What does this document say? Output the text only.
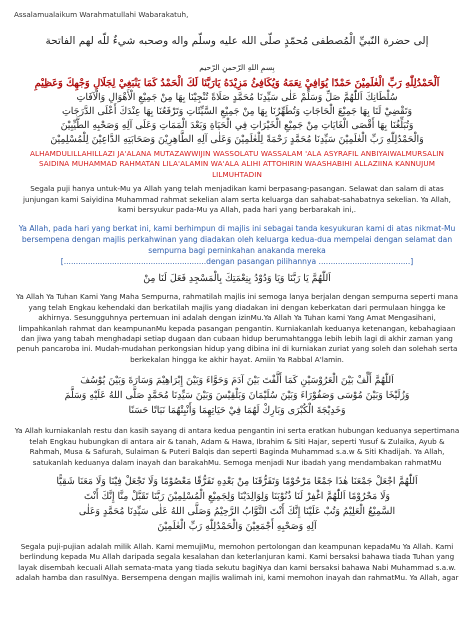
Assalamualaikum Warahmatullahi Wabarakatuh,
إلى حضرة النّبيِّ الْمُصطفى مُحمّدٍ صلّى الله عليه وسلّم واله وصحبه شيءٌ للّه لهم الفاتحة
بِسمِ اللهِ الرّحمنِ الرّحيم
اَلْحَمْدُلِلّٰهِ رَبِّ الْعٰلَمِيْنَ حَمْدًا يُوَافِيْ نِعَمَهُ وَيُكَافِئُ مَزِيْدَهُ يَارَبَّنَا لَكَ الْحَمْدُ كَمَا يَنْبَغِيْ لِجَلَالِ وَجْهِكَ وَعَظِيْمِ
سُلْطَانِكَ اَللّٰهُمَّ صَلِّ وَسَلِّمْ عَلٰى سَيِّدِنَا مُحَمَّدٍ صَلَاةً تُنْجِيْنَا بِهَا مِنْ جَمِيْعِ الْأَهْوَالِ وَالْآفَاتِ
وَتَقْضِيْ لَنَا بِهَا جَمِيْعَ الْحَاجَاتِ وَتُطَهِّرُنَا بِهَا مِنْ جَمِيْعِ السَّيِّئَاتِ وَتَرْفَعُنَا بِهَا عِنْدَكَ أَعْلَى الدَّرَجَاتِ
وَتُبَلِّغُنَا بِهَا أَقْصَى الْغَايَاتِ مِنْ جَمِيْعِ الْخَيْرَاتِ فِي الْحَيَاةِ وَبَعْدَ الْمَمَاتِ وَعَلَى آلِهِ وَصَحْبِهِ الطَّيِّبِيْنَ
وَالْحَمْدُلِلّٰهِ رَبِّ الْعٰلَمِيْنَ سَيِّدِنَا مُحَمَّدٍ رَحْمَةً لِلْعٰلَمِيْنَ وَعَلٰى آلِهِ الطَّاهِرِيْنَ وَصَحَابَتِهِ الدَّاعِيْنَ لِلْمُسْلِمِيْنَ
ALHAMDULILLAHILLAZI JA'ALANA MUTAZAWWIJIN WASSOLATU WASSALAM 'ALA ASYRAFIL ANBIYAIWALMURSALIN SAIDINA MUHAMMAD RAHMATAN LILA'ALAMIN WA'ALA ALIHI ATTOHIRIN WAASHABIHI ALLAZIINA KANNUJUM LILMUHTADIN
Segala puji hanya untuk-Mu ya Allah yang telah menjadikan kami berpasang-pasangan. Selawat dan salam di atas junjungan kami Saiyidina Muhammad rahmat sekelian alam serta keluarga dan sahabat-sahabatnya sekelian. Ya Allah, kami bersyukur pada-Mu ya Allah, pada hari yang berbarakah ini,.
Ya Allah, pada hari yang berkat ini, kami berhimpun di majlis ini sebagai tanda kesyukuran kami di atas nikmat-Mu bersempena dengan majlis perkahwinan yang diadakan oleh keluarga kedua-dua mempelai dengan selamat dan sempurna bagi perninkahan anakanda mereka
[...........................................................dengan pasangan pilihannya ......................................]
اَللّٰهُمَّ يَا رَبَّنَا وَيَا وَدُوْدُ بِنِعْمَتِكَ بِالْمَسْجِدِ فَعَلَ لَنَا مِنْ
Ya Allah Ya Tuhan Kami Yang Maha Sempurna, rahmatilah majlis ini semoga lanya berjalan dengan sempurna seperti mana yang telah Engkau kehendaki dan berkatilah majlis yang diadakan ini dengan keberkatan dari permulaan hingga ke akhirnya. Sesungguhnya pertemuan ini adalah dengan izinMu.Ya Allah Ya Tuhan kami Yang Amat Mengasihani, limpahkanlah rahmat dan keampunanMu kepada pasangan pengantin. Kurniakanlah keduanya ketenangan, kebahagiaan dan jiwa yang tabah menghadapi setiap dugaan dan cubaan hidup berumahtangga lebih lebih lagi di akhir zaman yang penuh pancaroba ini. Mudah-mudahan perkongsian hidup yang dibina ini di kurniakan zuriat yang soleh dan solehah serta berkekalan hingga ke akhir hayat. Amiin Ya Rabbal A'lamin.
اَللّٰهُمَّ أَلِّفْ بَيْنَ الْعَرُوْسَيْنِ كَمَا أَلَّفْتَ بَيْنَ آدَمَ وَحَوَّاءَ وَبَيْنَ إِبْرَاهِيْمَ وَسَارَةَ وَبَيْنَ يُوْسُفَ
وَزُلَيْخَا وَبَيْنَ مُوْسَى وَصَفُوْرَاءَ وَبَيْنَ سُلَيْمَانَ وَبَلْقِيْسَ وَبَيْنَ سَيِّدِنَا مُحَمَّدٍ صَلَّى اللهُ عَلَيْهِ وَسَلَّمَ
وَخَدِيْجَةَ الْكُبْرَى وَبَارِكْ لَهُمَا فِيْ حَيَاتِهِمَا وَأَنْبِتْهُمَا نَبَاتًا حَسَنًا
Ya Allah kurniakanlah restu dan kasih sayang di antara kedua pengantin ini serta eratkan hubungan keduanya sepertimana telah Engkau hubungkan di antara air & tanah, Adam & Hawa, Ibrahim & Siti Hajar, seperti Yusuf & Zulaika, Ayub & Rahmah, Musa & Safurah, Sulaiman & Puteri Balqis dan seperti Baginda Muhammad s.a.w & Siti Khadijah. Ya Allah, satukanlah keduanya dalam inayah dan barakahMu. Semoga menjadi Nur ibadah yang mendambakan rahmatMu
اَللّٰهُمَّ اجْعَلْ جَمْعَنَا هٰذَا جَمْعًا مَرْحُوْمًا وَتَفَرُّقَنَا مِنْ بَعْدِهِ تَفَرُّقًا مَعْصُوْمًا وَلَا تَجْعَلْ فِيْنَا وَلَا مَعَنَا شَقِيًّا
وَلَا مَحْرُوْمًا اَللّٰهُمَّ اغْفِرْ لَنَا ذُنُوْبَنَا وَلِوَالِدَيْنَا وَلِجَمِيْعِ الْمُسْلِمِيْنَ رَبَّنَا تَقَبَّلْ مِنَّا إِنَّكَ أَنْتَ
السَّمِيْعُ الْعَلِيْمُ وَتُبْ عَلَيْنَا إِنَّكَ أَنْتَ التَّوَّابُ الرَّحِيْمُ وَصَلَّى اللهُ عَلٰى سَيِّدِنَا مُحَمَّدٍ وَعَلٰى
آلِهِ وَصَحْبِهِ أَجْمَعِيْنَ وَالْحَمْدُلِلّٰهِ رَبِّ الْعٰلَمِيْنَ
Segala puji-pujian adalah milik Allah. Kami memujiMu, memohon pertolongan dan keampunan kepadaMu Ya Allah. Kami berlindung kepada Mu Allah daripada segala kesalahan dan keterlanjuran kami. Kami bersaksi bahawa tiada Tuhan yang layak disembah kecuali Allah semata-mata yang tiada sekutu bagiNya dan kami bersaksi bahawa Nabi Muhammad s.a.w. adalah hamba dan rasulNya. Bersempena dengan majlis walimah ini, kami memohon inayah dan rahmatMu. Ya Allah, agar
